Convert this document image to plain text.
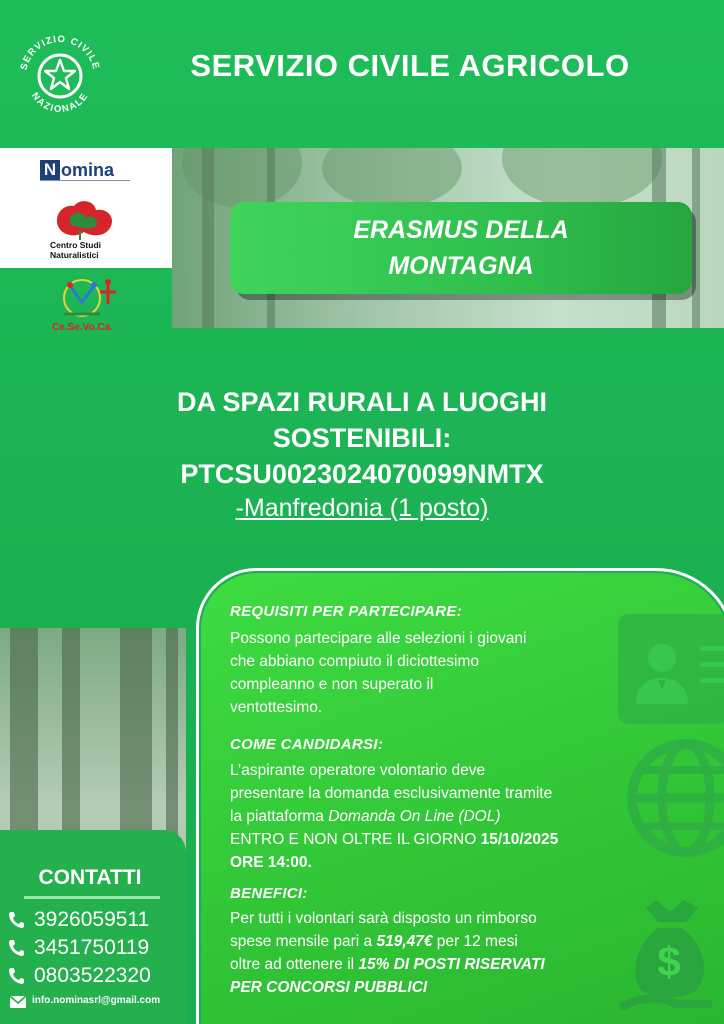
SERVIZIO CIVILE
NAZIONALE
SERVIZIO CIVILE AGRICOLO
N omina
Centro Studi
Naturalistici
Ce.Se.Vo.Ca.
ERASMUS DELLA
MONTAGNA
DA SPAZI RURALI A LUOGHI
SOSTENIBILI:
PTCSU0023024070099NMTX
-Manfredonia (1 posto)
CONTATTI
3926059511
3451750119
0803522320
info.nominasrl@gmail.com
REQUISITI PER PARTECIPARE:
Possono partecipare alle selezioni i giovani
che abbiano compiuto il diciottesimo
compleanno e non superato il
ventottesimo.
COME CANDIDARSI:
L’aspirante operatore volontario deve
presentare la domanda esclusivamente tramite
la piattaforma Domanda On Line (DOL)
ENTRO E NON OLTRE IL GIORNO 15/10/2025
ORE 14:00.
BENEFICI:
Per tutti i volontari sarà disposto un rimborso
spese mensile pari a 519,47€ per 12 mesi
oltre ad ottenere il 15% DI POSTI RISERVATI
PER CONCORSI PUBBLICI
$
